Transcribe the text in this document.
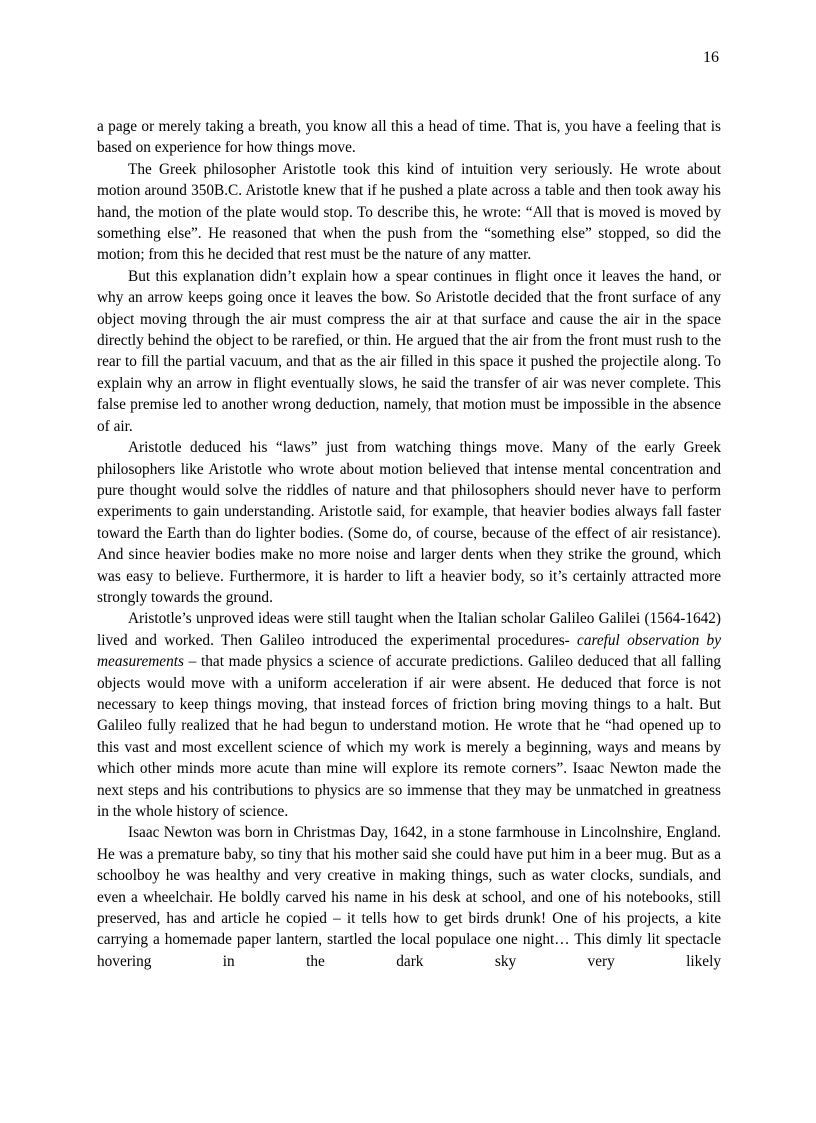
16

a page or merely taking a breath, you know all this a head of time. That is, you have a feeling that is based on experience for how things move.

The Greek philosopher Aristotle took this kind of intuition very seriously. He wrote about motion around 350B.C. Aristotle knew that if he pushed a plate across a table and then took away his hand, the motion of the plate would stop. To describe this, he wrote: “All that is moved is moved by something else”. He reasoned that when the push from the “something else” stopped, so did the motion; from this he decided that rest must be the nature of any matter.

But this explanation didn’t explain how a spear continues in flight once it leaves the hand, or why an arrow keeps going once it leaves the bow. So Aristotle decided that the front surface of any object moving through the air must compress the air at that surface and cause the air in the space directly behind the object to be rarefied, or thin. He argued that the air from the front must rush to the rear to fill the partial vacuum, and that as the air filled in this space it pushed the projectile along. To explain why an arrow in flight eventually slows, he said the transfer of air was never complete. This false premise led to another wrong deduction, namely, that motion must be impossible in the absence of air.

Aristotle deduced his “laws” just from watching things move. Many of the early Greek philosophers like Aristotle who wrote about motion believed that intense mental concentration and pure thought would solve the riddles of nature and that philosophers should never have to perform experiments to gain understanding. Aristotle said, for example, that heavier bodies always fall faster toward the Earth than do lighter bodies. (Some do, of course, because of the effect of air resistance). And since heavier bodies make no more noise and larger dents when they strike the ground, which was easy to believe. Furthermore, it is harder to lift a heavier body, so it’s certainly attracted more strongly towards the ground.

Aristotle’s unproved ideas were still taught when the Italian scholar Galileo Galilei (1564-1642) lived and worked. Then Galileo introduced the experimental procedures- careful observation by measurements – that made physics a science of accurate predictions. Galileo deduced that all falling objects would move with a uniform acceleration if air were absent. He deduced that force is not necessary to keep things moving, that instead forces of friction bring moving things to a halt. But Galileo fully realized that he had begun to understand motion. He wrote that he “had opened up to this vast and most excellent science of which my work is merely a beginning, ways and means by which other minds more acute than mine will explore its remote corners”. Isaac Newton made the next steps and his contributions to physics are so immense that they may be unmatched in greatness in the whole history of science.

Isaac Newton was born in Christmas Day, 1642, in a stone farmhouse in Lincolnshire, England. He was a premature baby, so tiny that his mother said she could have put him in a beer mug. But as a schoolboy he was healthy and very creative in making things, such as water clocks, sundials, and even a wheelchair. He boldly carved his name in his desk at school, and one of his notebooks, still preserved, has and article he copied – it tells how to get birds drunk! One of his projects, a kite carrying a homemade paper lantern, startled the local populace one night… This dimly lit spectacle hovering in the dark sky very likely
